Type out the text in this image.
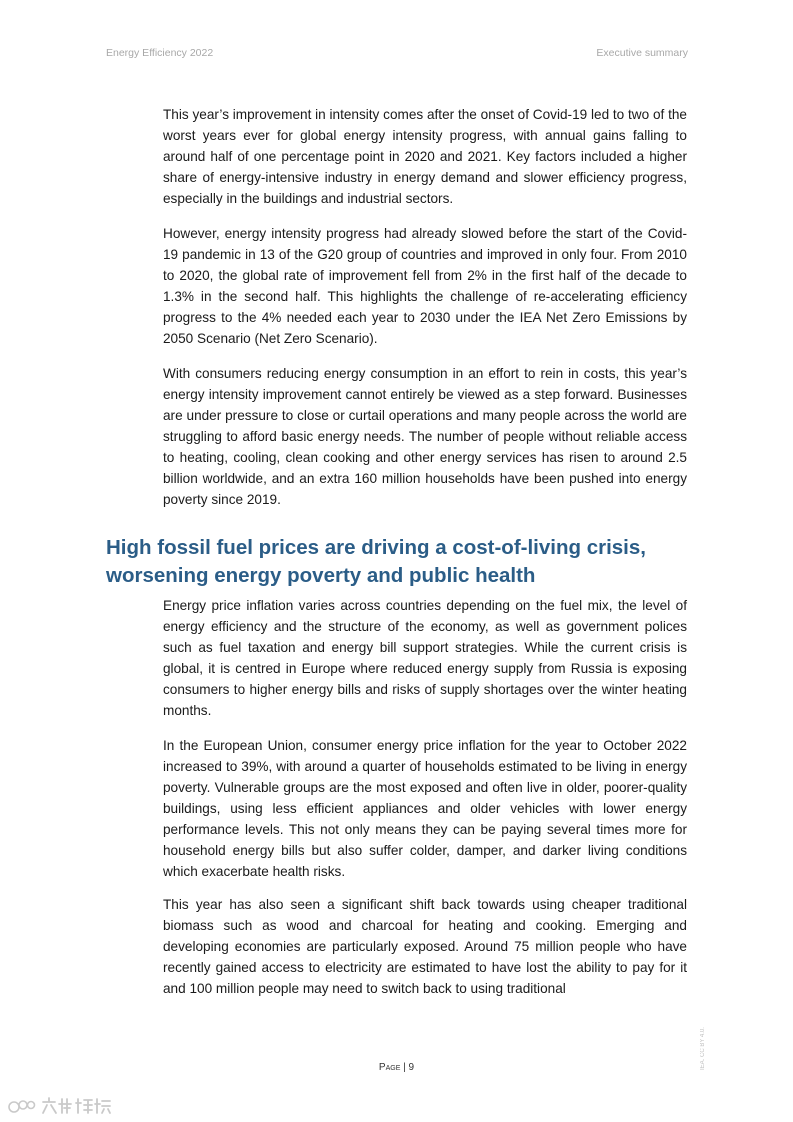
Energy Efficiency 2022	Executive summary

This year’s improvement in intensity comes after the onset of Covid-19 led to two of the worst years ever for global energy intensity progress, with annual gains falling to around half of one percentage point in 2020 and 2021. Key factors included a higher share of energy-intensive industry in energy demand and slower efficiency progress, especially in the buildings and industrial sectors.

However, energy intensity progress had already slowed before the start of the Covid-19 pandemic in 13 of the G20 group of countries and improved in only four. From 2010 to 2020, the global rate of improvement fell from 2% in the first half of the decade to 1.3% in the second half. This highlights the challenge of re-accelerating efficiency progress to the 4% needed each year to 2030 under the IEA Net Zero Emissions by 2050 Scenario (Net Zero Scenario).

With consumers reducing energy consumption in an effort to rein in costs, this year’s energy intensity improvement cannot entirely be viewed as a step forward. Businesses are under pressure to close or curtail operations and many people across the world are struggling to afford basic energy needs. The number of people without reliable access to heating, cooling, clean cooking and other energy services has risen to around 2.5 billion worldwide, and an extra 160 million households have been pushed into energy poverty since 2019.

High fossil fuel prices are driving a cost-of-living crisis, worsening energy poverty and public health

Energy price inflation varies across countries depending on the fuel mix, the level of energy efficiency and the structure of the economy, as well as government polices such as fuel taxation and energy bill support strategies. While the current crisis is global, it is centred in Europe where reduced energy supply from Russia is exposing consumers to higher energy bills and risks of supply shortages over the winter heating months.

In the European Union, consumer energy price inflation for the year to October 2022 increased to 39%, with around a quarter of households estimated to be living in energy poverty. Vulnerable groups are the most exposed and often live in older, poorer-quality buildings, using less efficient appliances and older vehicles with lower energy performance levels. This not only means they can be paying several times more for household energy bills but also suffer colder, damper, and darker living conditions which exacerbate health risks.

This year has also seen a significant shift back towards using cheaper traditional biomass such as wood and charcoal for heating and cooking. Emerging and developing economies are particularly exposed. Around 75 million people who have recently gained access to electricity are estimated to have lost the ability to pay for it and 100 million people may need to switch back to using traditional

Page | 9	IEA. CC BY 4.0.
